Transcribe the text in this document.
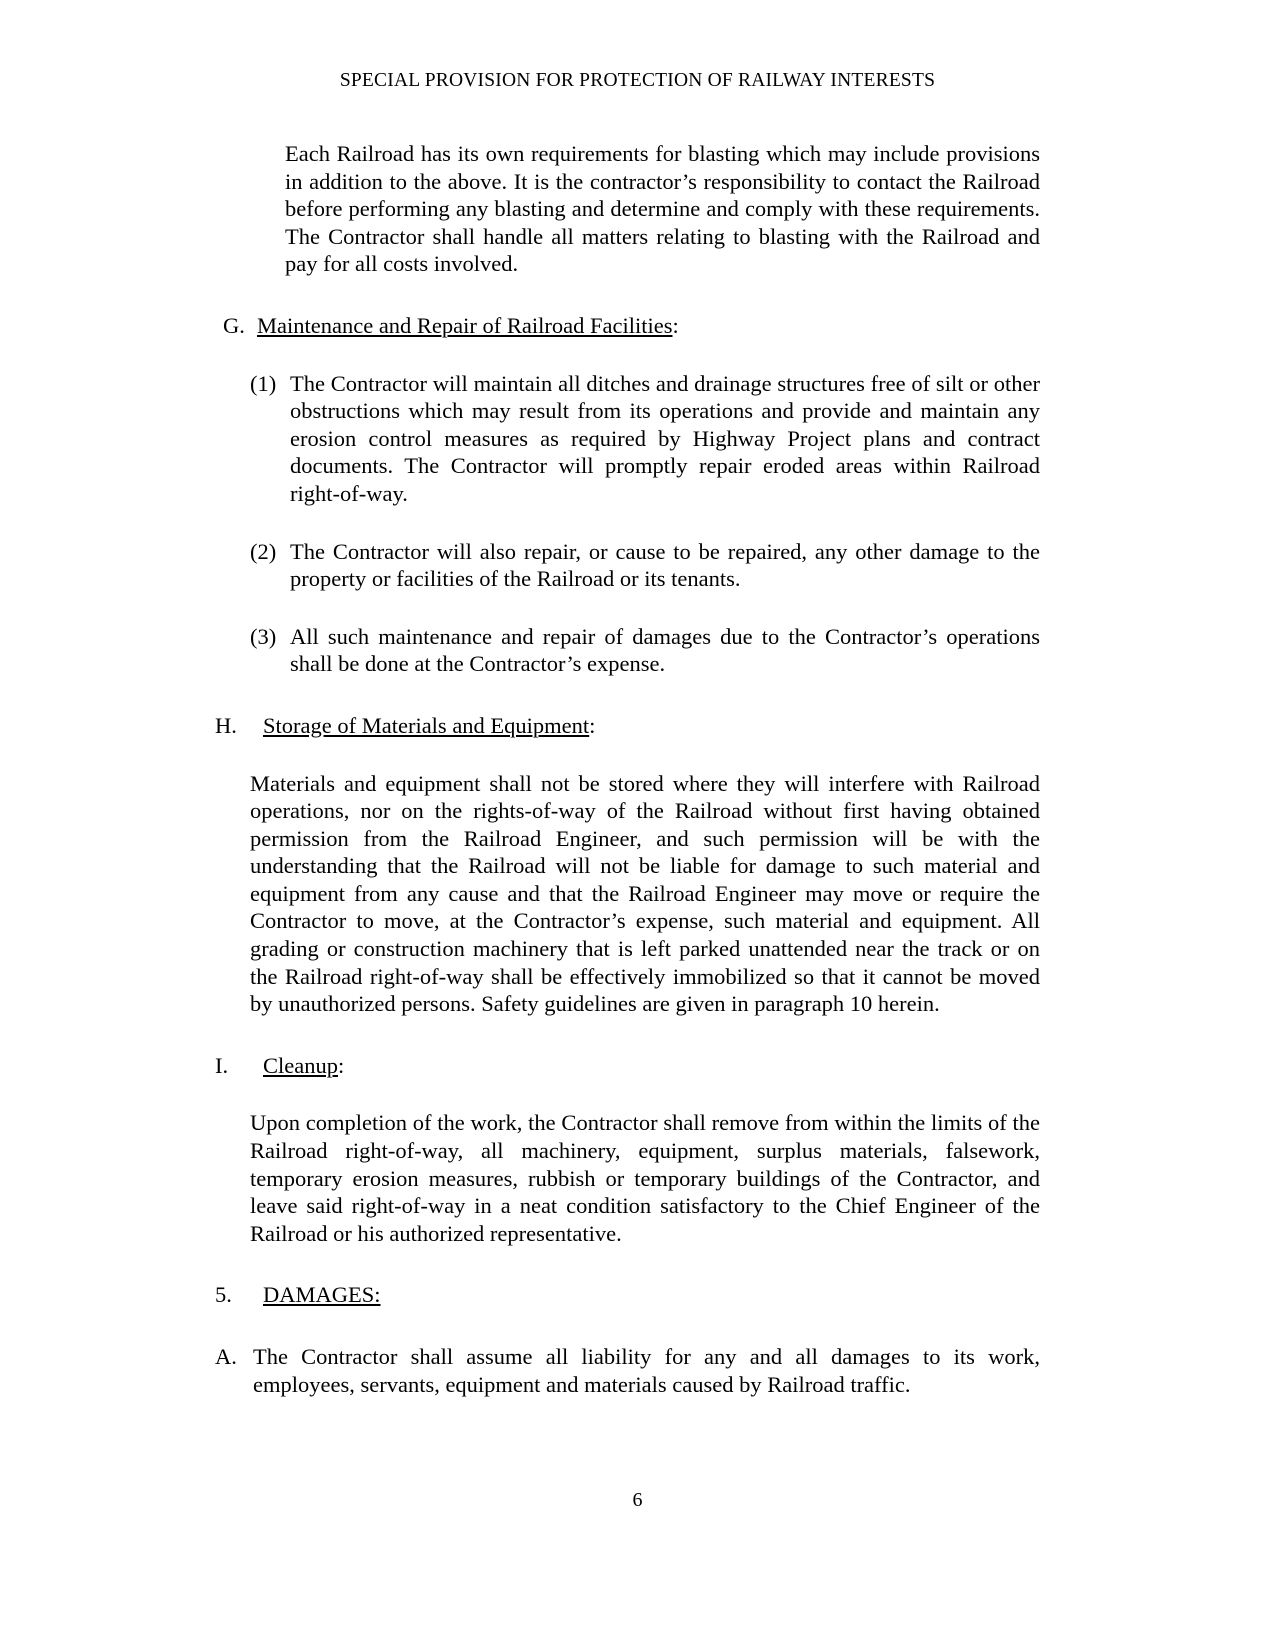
SPECIAL PROVISION FOR PROTECTION OF RAILWAY INTERESTS

Each Railroad has its own requirements for blasting which may include provisions in addition to the above. It is the contractor’s responsibility to contact the Railroad before performing any blasting and determine and comply with these requirements. The Contractor shall handle all matters relating to blasting with the Railroad and pay for all costs involved.

G. Maintenance and Repair of Railroad Facilities:
(1) The Contractor will maintain all ditches and drainage structures free of silt or other obstructions which may result from its operations and provide and maintain any erosion control measures as required by Highway Project plans and contract documents. The Contractor will promptly repair eroded areas within Railroad right-of-way.
(2) The Contractor will also repair, or cause to be repaired, any other damage to the property or facilities of the Railroad or its tenants.
(3) All such maintenance and repair of damages due to the Contractor’s operations shall be done at the Contractor’s expense.
H.	Storage of Materials and Equipment:

Materials and equipment shall not be stored where they will interfere with Railroad operations, nor on the rights-of-way of the Railroad without first having obtained permission from the Railroad Engineer, and such permission will be with the understanding that the Railroad will not be liable for damage to such material and equipment from any cause and that the Railroad Engineer may move or require the Contractor to move, at the Contractor’s expense, such material and equipment. All grading or construction machinery that is left parked unattended near the track or on the Railroad right-of-way shall be effectively immobilized so that it cannot be moved by unauthorized persons. Safety guidelines are given in paragraph 10 herein.

I.	Cleanup:

Upon completion of the work, the Contractor shall remove from within the limits of the Railroad right-of-way, all machinery, equipment, surplus materials, falsework, temporary erosion measures, rubbish or temporary buildings of the Contractor, and leave said right-of-way in a neat condition satisfactory to the Chief Engineer of the Railroad or his authorized representative.

5.	DAMAGES:
A. The Contractor shall assume all liability for any and all damages to its work, employees, servants, equipment and materials caused by Railroad traffic.
6
